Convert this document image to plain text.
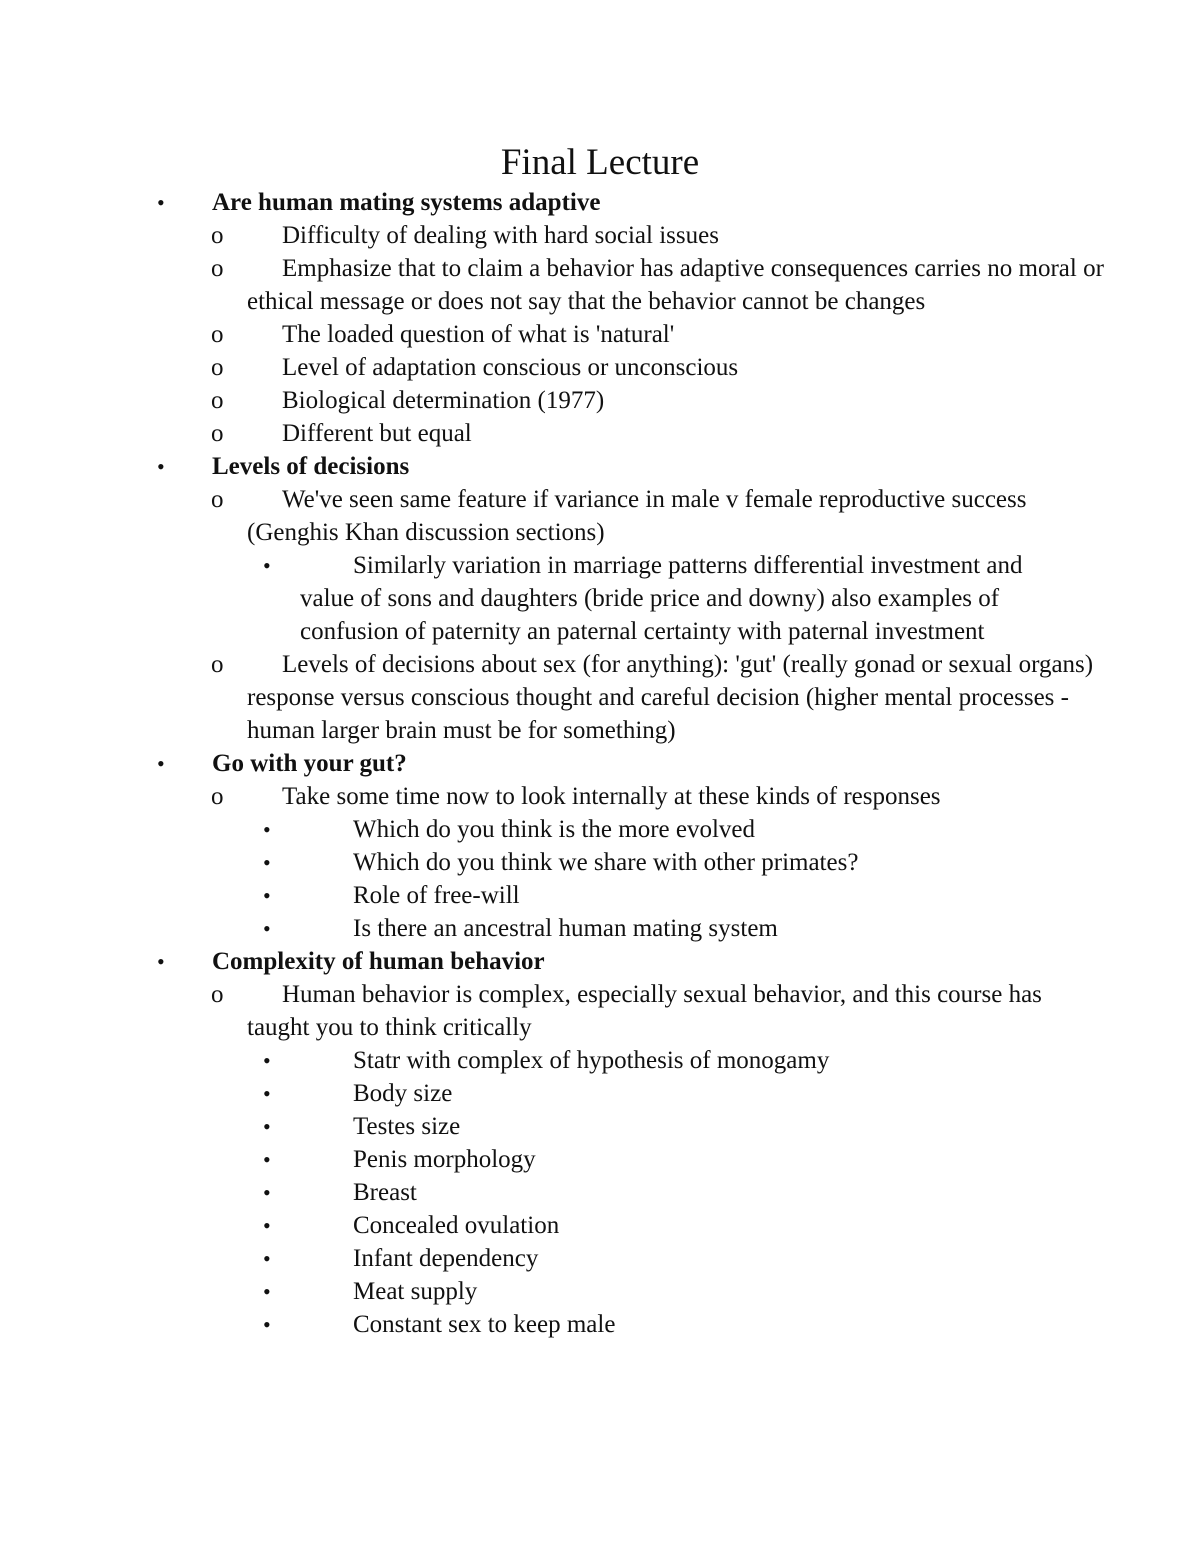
Final Lecture
• Are human mating systems adaptive
o	Difficulty of dealing with hard social issues
o	Emphasize that to claim a behavior has adaptive consequences carries no moral or ethical message or does not say that the behavior cannot be changes
o	The loaded question of what is 'natural'
o	Level of adaptation conscious or unconscious
o	Biological determination (1977)
o	Different but equal
• Levels of decisions
o	We've seen same feature if variance in male v female reproductive success (Genghis Khan discussion sections)
•	Similarly variation in marriage patterns differential investment and value of sons and daughters (bride price and downy) also examples of confusion of paternity an paternal certainty with paternal investment
o	Levels of decisions about sex (for anything): 'gut' (really gonad or sexual organs) response versus conscious thought and careful decision (higher mental processes -human larger brain must be for something)
• Go with your gut?
o	Take some time now to look internally at these kinds of responses
•	Which do you think is the more evolved
•	Which do you think we share with other primates?
•	Role of free-will
•	Is there an ancestral human mating system
• Complexity of human behavior
o	Human behavior is complex, especially sexual behavior, and this course has taught you to think critically
•	Statr with complex of hypothesis of monogamy
•	Body size
•	Testes size
•	Penis morphology
•	Breast
•	Concealed ovulation
•	Infant dependency
•	Meat supply
•	Constant sex to keep male
